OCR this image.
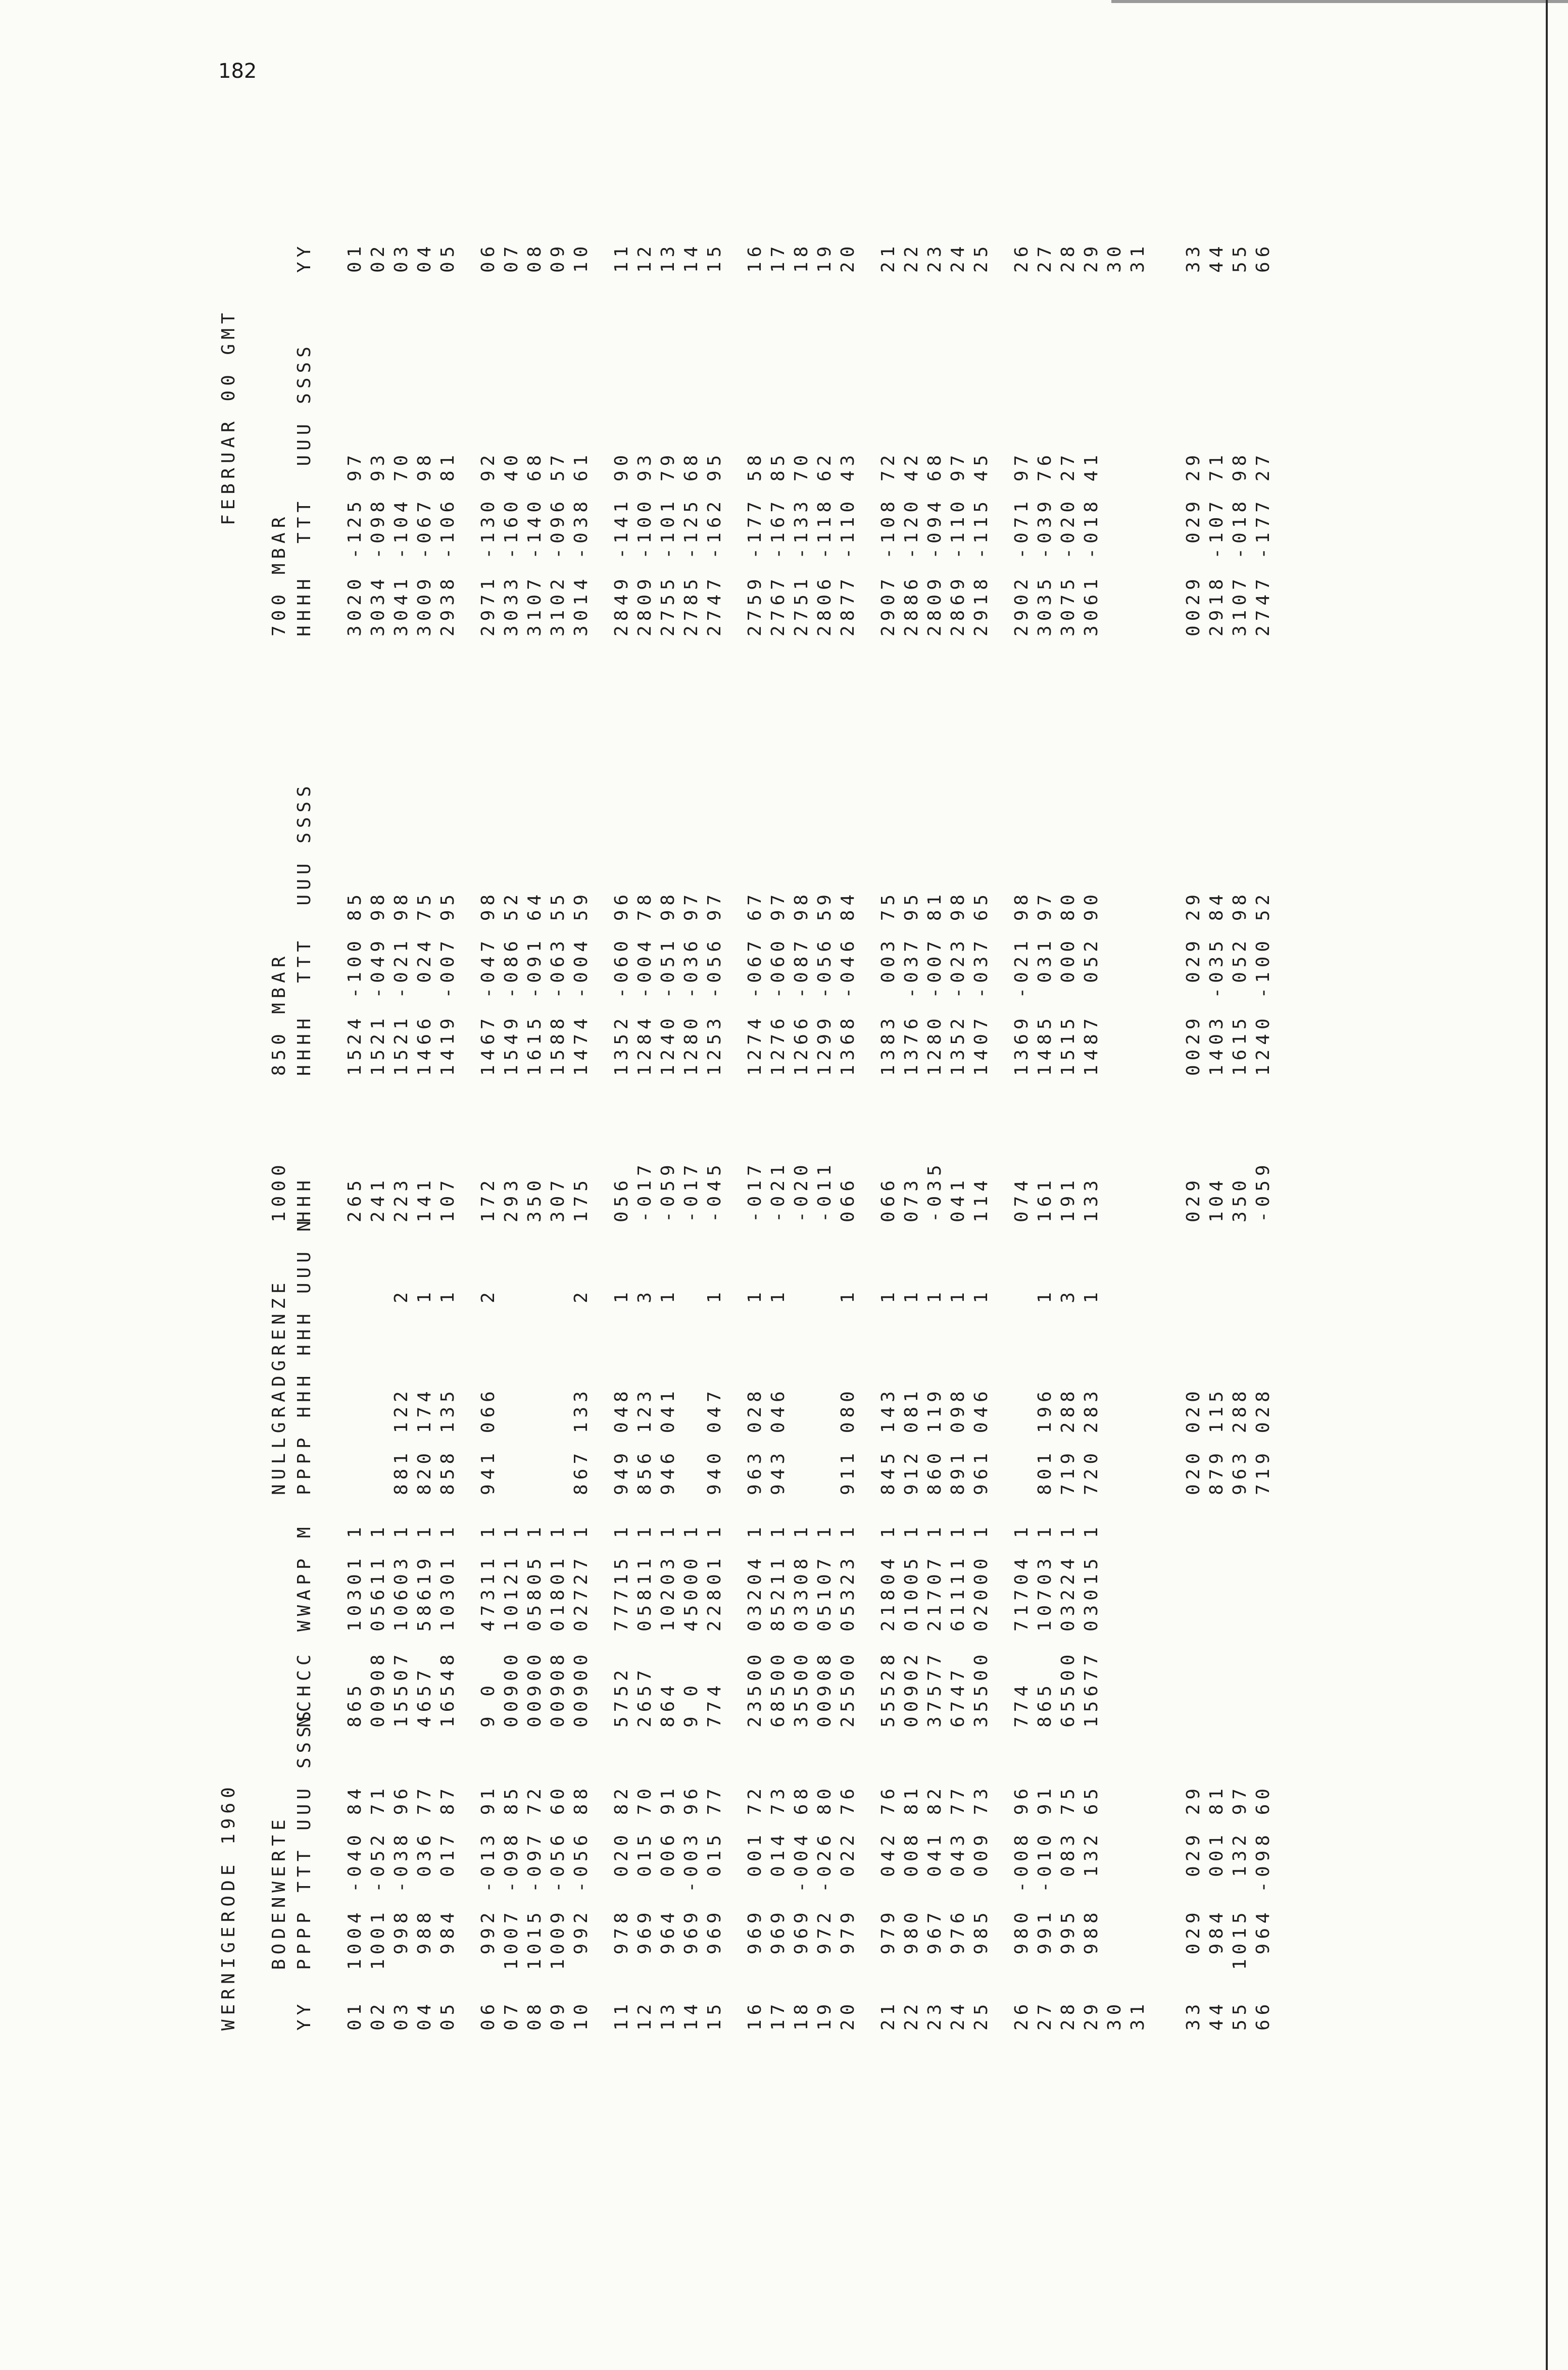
182

WERNIGERODE 1960

FEBRUAR 00 GMT

BODENWERTE

NULLGRADGRENZE

1000

850 MBAR

700 MBAR

YY

PPPP TTT UUU SSSS

NCHCC

WWAPP

M

PPPP HHH HHH UUU N

HHH

HHHH  TTT  UUU SSSS

HHHH  TTT  UUU SSSS

YY

01
1004 -040 84
865
10301
1
265
1524 -100 85
3020 -125 97
01
02
1001 -052 71
00908
05611
1
241
1521 -049 98
3034 -098 93
02
03
998 -038 96
15507
10603
1
881 122
2
223
1521 -021 98
3041 -104 70
03
04
988  036 77
4657
58619
1
820 174
1
141
1466  024 75
3009 -067 98
04
05
984  017 87
16548
10301
1
858 135
1
107
1419 -007 95
2938 -106 81
05
06
992 -013 91
9 0
47311
1
941 066
2
172
1467 -047 98
2971 -130 92
06
07
1007 -098 85
00900
10121
1
293
1549 -086 52
3033 -160 40
07
08
1015 -097 72
00900
05805
1
350
1615 -091 64
3107 -140 68
08
09
1009 -056 60
00908
01801
1
307
1588 -063 55
3102 -096 57
09
10
992 -056 88
00900
02727
1
867 133
2
175
1474 -004 59
3014 -038 61
10
11
978  020 82
5752
77715
1
949 048
1
056
1352 -060 96
2849 -141 90
11
12
969  015 70
2657
05811
1
856 123
3
-017
1284 -004 78
2809 -100 93
12
13
964  006 91
864
10203
1
946 041
1
-059
1240 -051 98
2755 -101 79
13
14
969 -003 96
9 0
45000
1
-017
1280 -036 97
2785 -125 68
14
15
969  015 77
774
22801
1
940 047
1
-045
1253 -056 97
2747 -162 95
15
16
969  001 72
23500
03204
1
963 028
1
-017
1274 -067 67
2759 -177 58
16
17
969  014 73
68500
85211
1
943 046
1
-021
1276 -060 97
2767 -167 85
17
18
969 -004 68
35500
03308
1
-020
1266 -087 98
2751 -133 70
18
19
972 -026 80
00908
05107
1
-011
1299 -056 59
2806 -118 62
19
20
979  022 76
25500
05323
1
911 080
1
066
1368 -046 84
2877 -110 43
20
21
979  042 76
55528
21804
1
845 143
1
066
1383  003 75
2907 -108 72
21
22
980  008 81
00902
01005
1
912 081
1
073
1376 -037 95
2886 -120 42
22
23
967  041 82
37577
21707
1
860 119
1
-035
1280 -007 81
2809 -094 68
23
24
976  043 77
6747
61111
1
891 098
1
041
1352 -023 98
2869 -110 97
24
25
985  009 73
35500
02000
1
961 046
1
114
1407 -037 65
2918 -115 45
25
26
980 -008 96
774
71704
1
074
1369 -021 98
2902 -071 97
26
27
991 -010 91
865
10703
1
801 196
1
161
1485  031 97
3035 -039 76
27
28
995  083 75
65500
03224
1
719 288
3
191
1515  000 80
3075 -020 27
28
29
988  132 65
15677
03015
1
720 283
1
133
1487  052 90
3061 -018 41
29
30
30
31
31
33
029  029 29
020 020
029
0029  029 29
0029  029 29
33
44
984  001 81
879 115
104
1403 -035 84
2918 -107 71
44
55
1015  132 97
963 288
350
1615  052 98
3107 -018 98
55
66
964 -098 60
719 028
-059
1240 -100 52
2747 -177 27
66
